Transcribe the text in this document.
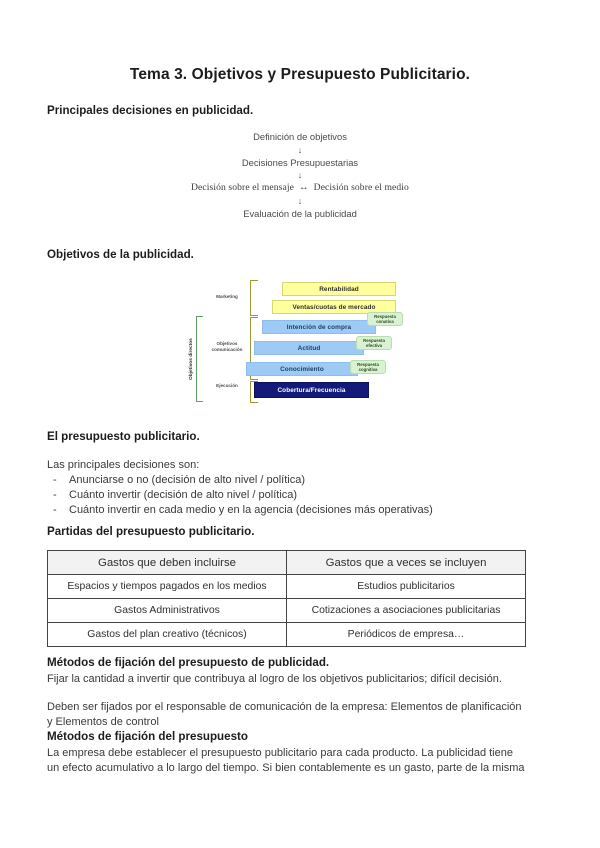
Tema 3. Objetivos y Presupuesto Publicitario.
Principales decisiones en publicidad.
Definición de objetivos
↓
Decisiones Presupuestarias
↓
Decisión sobre el mensaje ↔ Decisión sobre el medio
↓
Evaluación de la publicidad
Objetivos de la publicidad.
Objetivos directos
Marketing
Objetivos comunicación
Ejecución
Rentabilidad
Ventas/cuotas de mercado
Intención de compra
Actitud
Conocimiento
Cobertura/Frecuencia
Respuesta conativa
Respuesta efectiva
Respuesta cognitiva
El presupuesto publicitario.
Las principales decisiones son:
- Anunciarse o no (decisión de alto nivel / política)
- Cuánto invertir (decisión de alto nivel / política)
- Cuánto invertir en cada medio y en la agencia (decisiones más operativas)
Partidas del presupuesto publicitario.
Gastos que deben incluirse	Gastos que a veces se incluyen
Espacios y tiempos pagados en los medios	Estudios publicitarios
Gastos Administrativos	Cotizaciones a asociaciones publicitarias
Gastos del plan creativo (técnicos)	Periódicos de empresa…
Métodos de fijación del presupuesto de publicidad.
Fijar la cantidad a invertir que contribuya al logro de los objetivos publicitarios; difícil decisión.
Deben ser fijados por el responsable de comunicación de la empresa: Elementos de planificación
y Elementos de control
Métodos de fijación del presupuesto
La empresa debe establecer el presupuesto publicitario para cada producto. La publicidad tiene
un efecto acumulativo a lo largo del tiempo. Si bien contablemente es un gasto, parte de la misma
